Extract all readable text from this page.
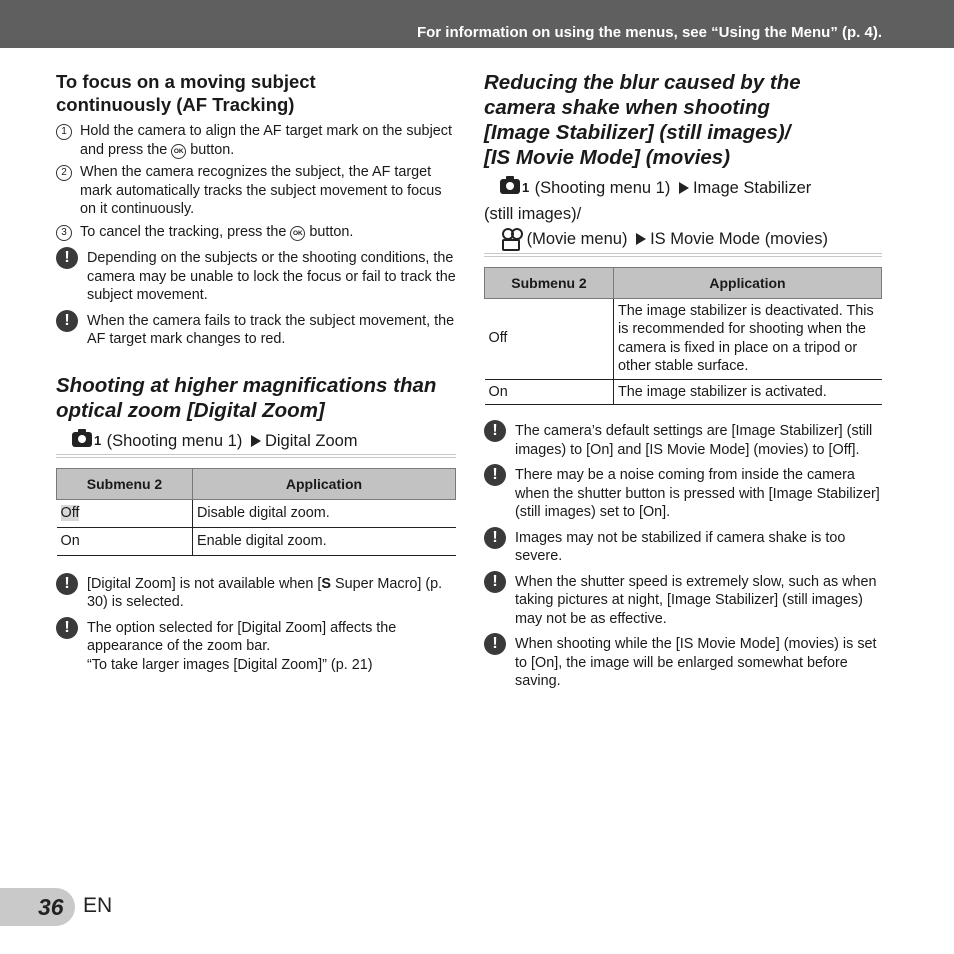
For information on using the menus, see “Using the Menu” (p. 4).
To focus on a moving subject
continuously (AF Tracking)
1 Hold the camera to align the AF target mark on the subject and press the OK button.
2 When the camera recognizes the subject, the AF target mark automatically tracks the subject movement to focus on it continuously.
3 To cancel the tracking, press the OK button.
!	Depending on the subjects or the shooting conditions, the camera may be unable to lock the focus or fail to track the subject movement.
!	When the camera fails to track the subject movement, the AF target mark changes to red.
Shooting at higher magnifications than
optical zoom [Digital Zoom]
1 (Shooting menu 1) Digital Zoom
Submenu 2	Application
Off	Disable digital zoom.
On	Enable digital zoom.
!	[Digital Zoom] is not available when [S Super Macro] (p. 30) is selected.
!	The option selected for [Digital Zoom] affects the appearance of the zoom bar.
“To take larger images [Digital Zoom]” (p. 21)
Reducing the blur caused by the
camera shake when shooting
[Image Stabilizer] (still images)/
[IS Movie Mode] (movies)
1 (Shooting menu 1) Image Stabilizer
(still images)/
(Movie menu) IS Movie Mode (movies)
Submenu 2	Application
Off	The image stabilizer is deactivated. This is recommended for shooting when the camera is fixed in place on a tripod or other stable surface.
On	The image stabilizer is activated.
!	The camera’s default settings are [Image Stabilizer] (still images) to [On] and [IS Movie Mode] (movies) to [Off].
!	There may be a noise coming from inside the camera when the shutter button is pressed with [Image Stabilizer] (still images) set to [On].
!	Images may not be stabilized if camera shake is too severe.
!	When the shutter speed is extremely slow, such as when taking pictures at night, [Image Stabilizer] (still images) may not be as effective.
!	When shooting while the [IS Movie Mode] (movies) is set to [On], the image will be enlarged somewhat before saving.
36 EN
